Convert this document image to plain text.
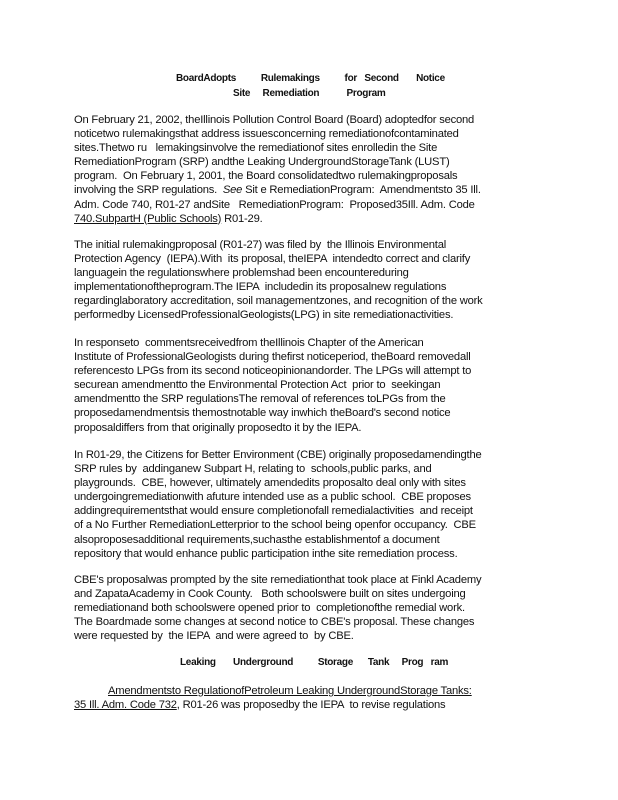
BoardAdopts          Rulemakings          for   Second       Notice
Site     Remediation           Program
On February 21, 2002, theIllinois Pollution Control Board (Board) adoptedfor second
noticetwo rulemakingsthat address issuesconcerning remediationofcontaminated
sites.Thetwo ru   lemakingsinvolve the remediationof sites enrolledin the Site
RemediationProgram (SRP) andthe Leaking UndergroundStorageTank (LUST)
program.  On February 1, 2001, the Board consolidatedtwo rulemakingproposals
involving the SRP regulations. See Sit e RemediationProgram:  Amendmentsto 35 Ill.
Adm. Code 740, R01-27 andSite   RemediationProgram:  Proposed35Ill. Adm. Code
740.SubpartH (Public Schools) R01-29.
The initial rulemakingproposal (R01-27) was filed by  the Illinois Environmental
Protection Agency  (IEPA).With  its proposal, theIEPA  intendedto correct and clarify
languagein the regulationswhere problemshad been encountereduring
implementationoftheprogram.The IEPA  includedin its proposalnew regulations
regardinglaboratory accreditation, soil managementzones, and recognition of the work
performedby LicensedProfessionalGeologists(LPG) in site remediationactivities.
In responseto  commentsreceivedfrom theIllinois Chapter of the American
Institute of ProfessionalGeologists during thefirst noticeperiod, theBoard removedall
referencesto LPGs from its second noticeopinionandorder. The LPGs will attempt to
securean amendmentto the Environmental Protection Act  prior to  seekingan
amendmentto the SRP regulationsThe removal of references toLPGs from the
proposedamendmentsis themostnotable way inwhich theBoard's second notice
proposaldiffers from that originally proposedto it by the IEPA.
In R01-29, the Citizens for Better Environment (CBE) originally proposedamendingthe
SRP rules by  addinganew Subpart H, relating to  schools,public parks, and
playgrounds.  CBE, however, ultimately amendedits proposalto deal only with sites
undergoingremediationwith afuture intended use as a public school.  CBE proposes
addingrequirementsthat would ensure completionofall remedialactivities  and receipt
of a No Further RemediationLetterprior to the school being openfor occupancy.  CBE
alsoproposesadditional requirements,suchasthe establishmentof a document
repository that would enhance public participation inthe site remediation process.
CBE's proposalwas prompted by the site remediationthat took place at Finkl Academy
and ZapataAcademy in Cook County.   Both schoolswere built on sites undergoing
remediationand both schoolswere opened prior to  completionofthe remedial work.
The Boardmade some changes at second notice to CBE's proposal. These changes
were requested by  the IEPA  and were agreed to  by CBE.
Leaking       Underground          Storage      Tank     Prog   ram
Amendmentsto RegulationofPetroleum Leaking UndergroundStorage Tanks:
35 Ill. Adm. Code 732, R01-26 was proposedby the IEPA  to revise regulations
